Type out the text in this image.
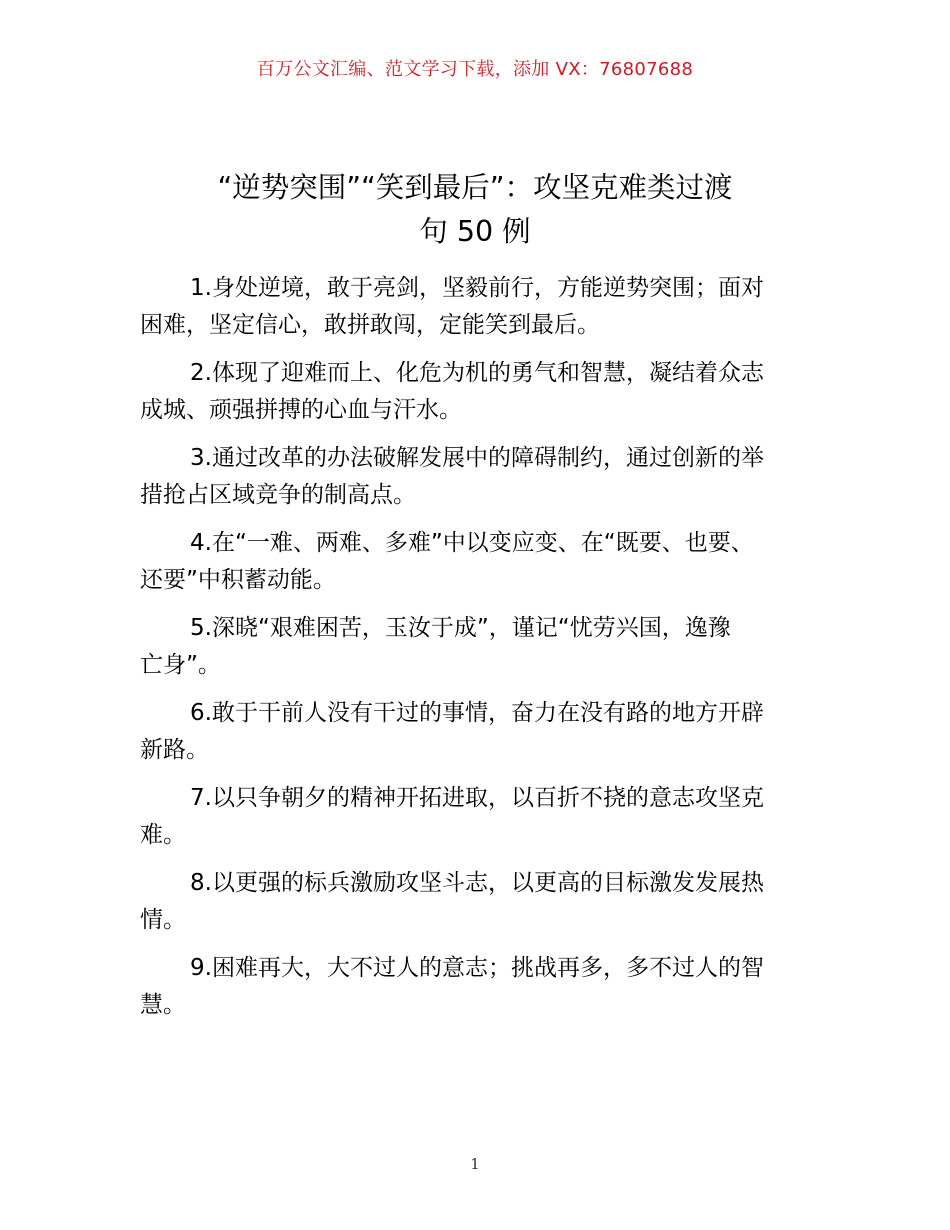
百万公文汇编、范文学习下载，添加 VX：76807688
“逆势突围”“笑到最后”：攻坚克难类过渡
句 50 例

1.身处逆境，敢于亮剑，坚毅前行，方能逆势突围；面对
困难，坚定信心，敢拼敢闯，定能笑到最后。

2.体现了迎难而上、化危为机的勇气和智慧，凝结着众志
成城、顽强拼搏的心血与汗水。

3.通过改革的办法破解发展中的障碍制约，通过创新的举
措抢占区域竞争的制高点。

4.在“一难、两难、多难”中以变应变、在“既要、也要、
还要”中积蓄动能。

5.深晓“艰难困苦，玉汝于成”，谨记“忧劳兴国，逸豫
亡身”。

6.敢于干前人没有干过的事情，奋力在没有路的地方开辟
新路。

7.以只争朝夕的精神开拓进取，以百折不挠的意志攻坚克
难。

8.以更强的标兵激励攻坚斗志，以更高的目标激发发展热
情。

9.困难再大，大不过人的意志；挑战再多，多不过人的智
慧。

1
